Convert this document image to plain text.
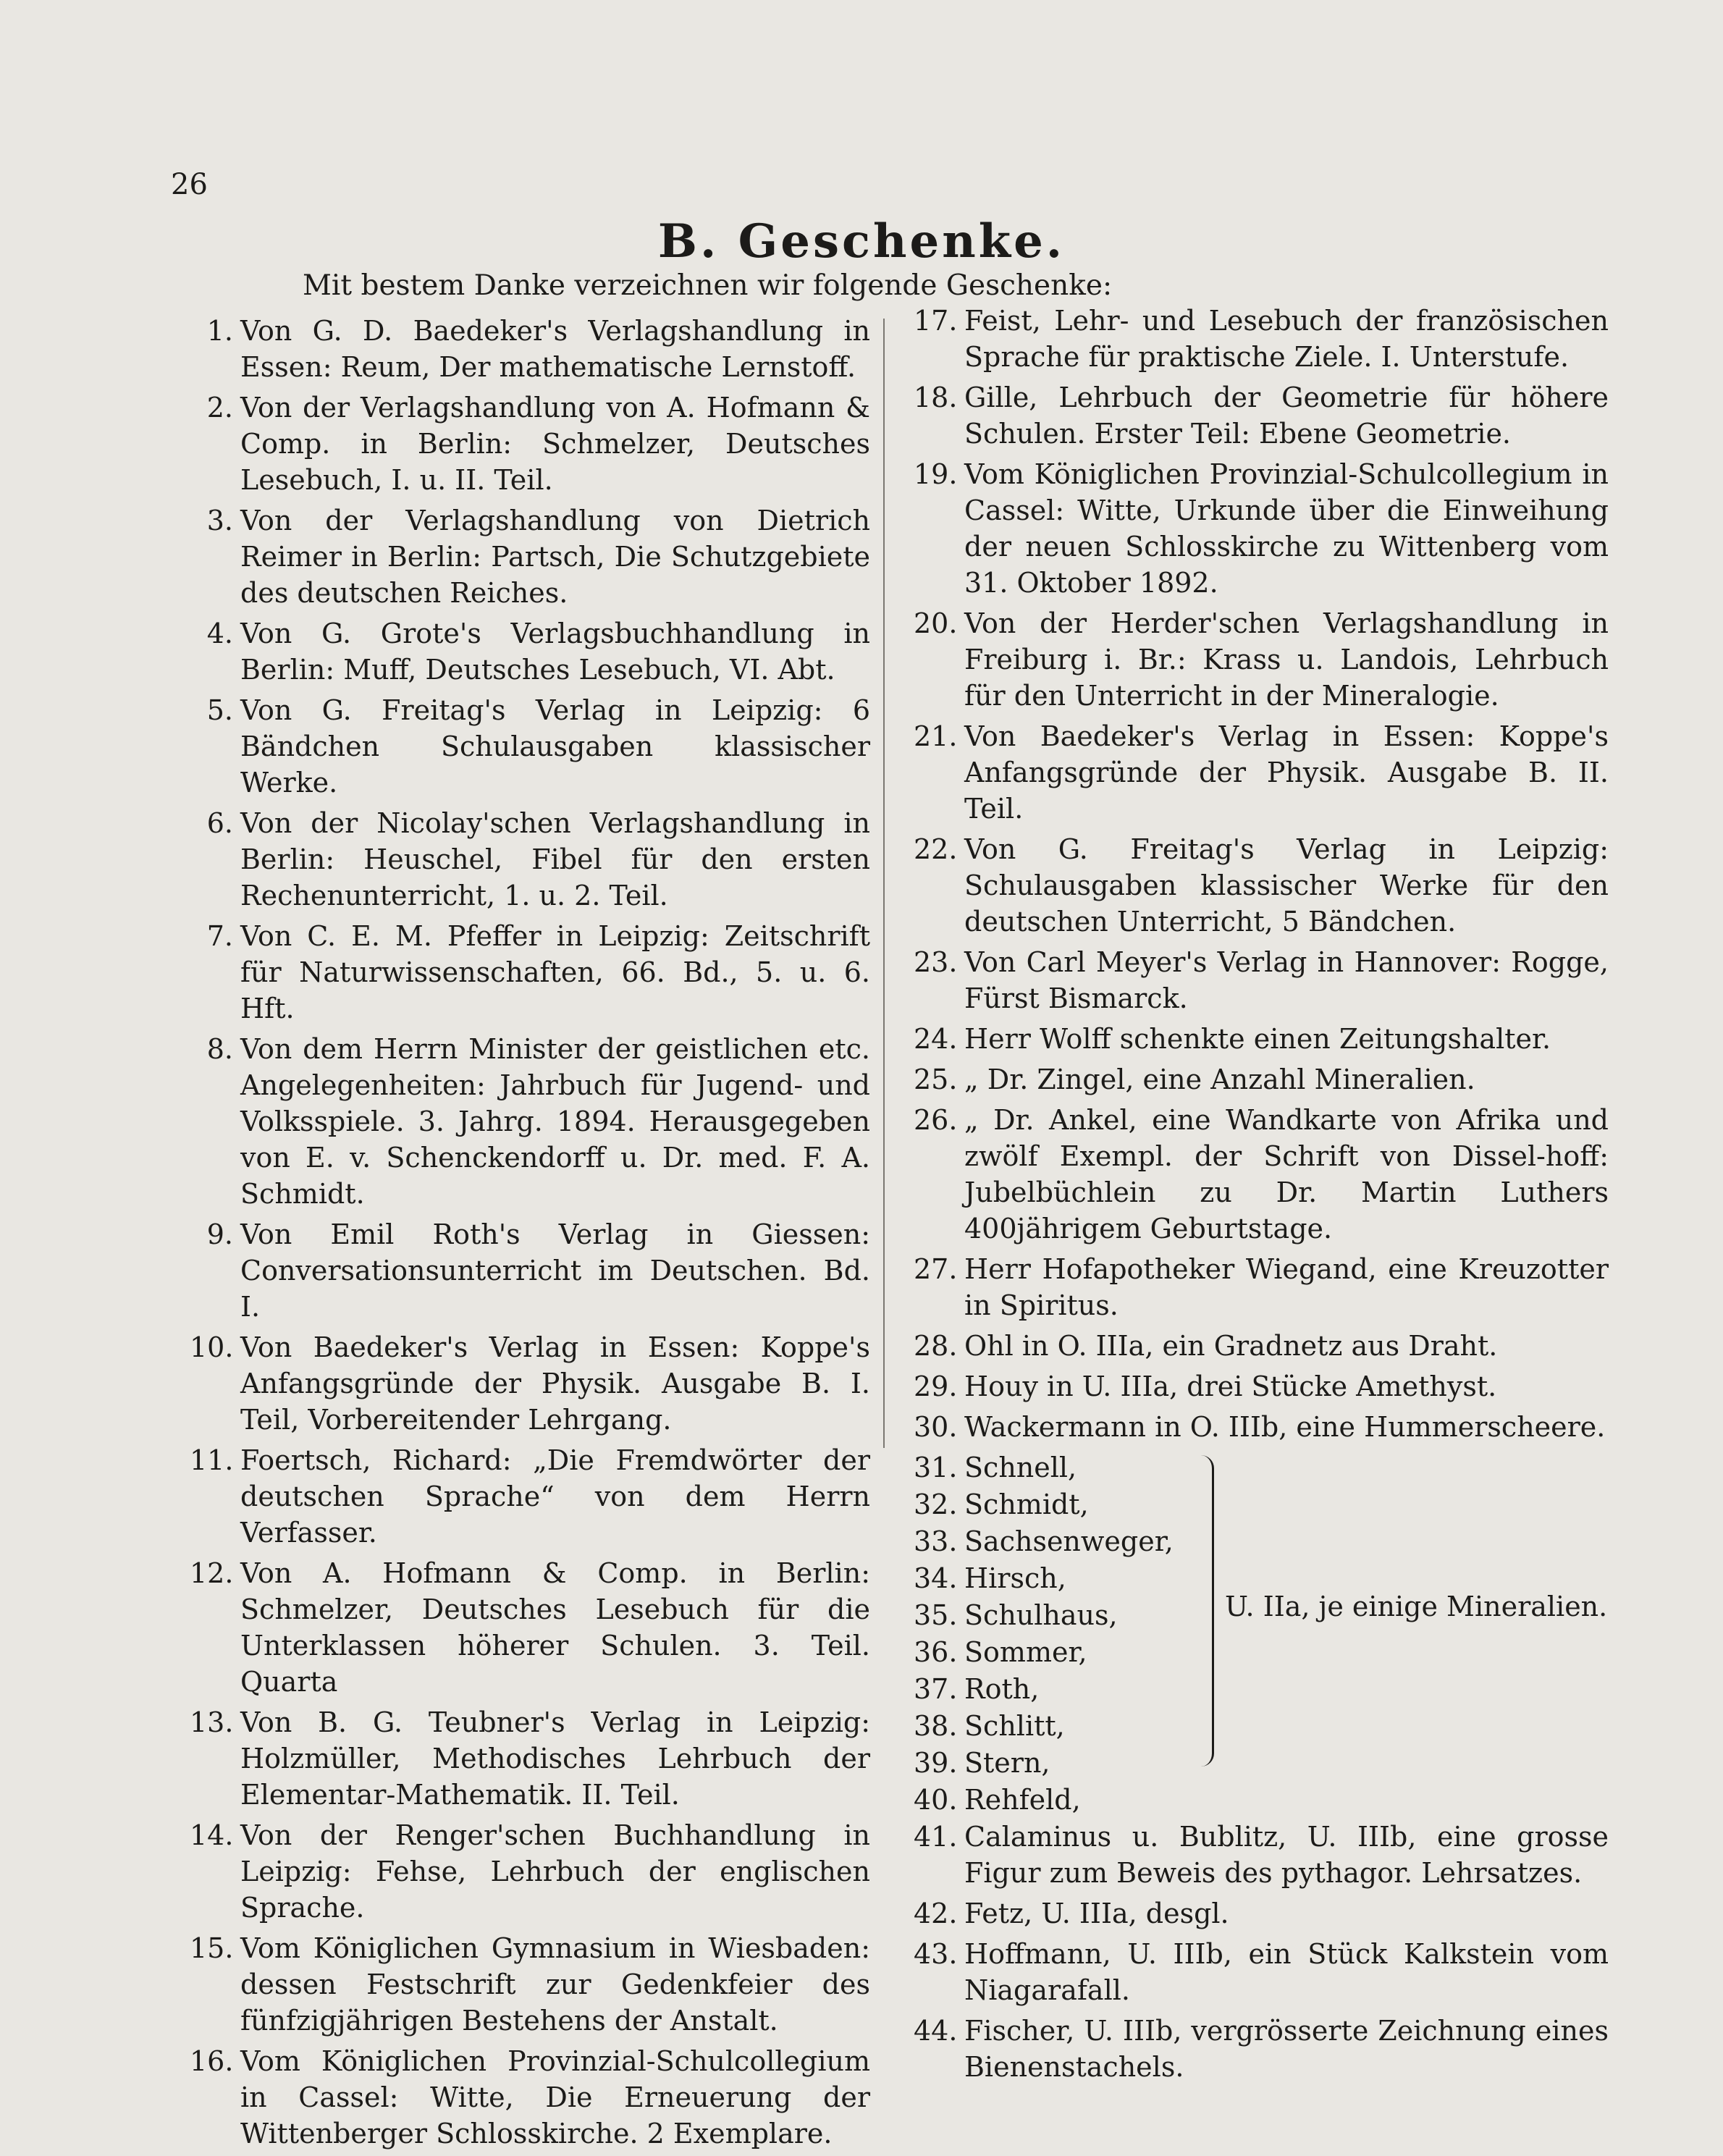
26
B. Geschenke.
Mit bestem Danke verzeichnen wir folgende Geschenke:
1. Von G. D. Baedeker's Verlagshandlung in Essen: Reum, Der mathematische Lernstoff.
2. Von der Verlagshandlung von A. Hofmann & Comp. in Berlin: Schmelzer, Deutsches Lesebuch, I. u. II. Teil.
3. Von der Verlagshandlung von Dietrich Reimer in Berlin: Partsch, Die Schutzgebiete des deutschen Reiches.
4. Von G. Grote's Verlagsbuchhandlung in Berlin: Muff, Deutsches Lesebuch, VI. Abt.
5. Von G. Freitag's Verlag in Leipzig: 6 Bändchen Schulausgaben klassischer Werke.
6. Von der Nicolay'schen Verlagshandlung in Berlin: Heuschel, Fibel für den ersten Rechenunterricht, 1. u. 2. Teil.
7. Von C. E. M. Pfeffer in Leipzig: Zeitschrift für Naturwissenschaften, 66. Bd., 5. u. 6. Hft.
8. Von dem Herrn Minister der geistlichen etc. Angelegenheiten: Jahrbuch für Jugend- und Volksspiele. 3. Jahrg. 1894. Herausgegeben von E. v. Schenckendorff u. Dr. med. F. A. Schmidt.
9. Von Emil Roth's Verlag in Giessen: Conversationsunterricht im Deutschen. Bd. I.
10. Von Baedeker's Verlag in Essen: Koppe's Anfangsgründe der Physik. Ausgabe B. I. Teil, Vorbereitender Lehrgang.
11. Foertsch, Richard: „Die Fremdwörter der deutschen Sprache“ von dem Herrn Verfasser.
12. Von A. Hofmann & Comp. in Berlin: Schmelzer, Deutsches Lesebuch für die Unterklassen höherer Schulen. 3. Teil. Quarta
13. Von B. G. Teubner's Verlag in Leipzig: Holzmüller, Methodisches Lehrbuch der Elementar-Mathematik. II. Teil.
14. Von der Renger'schen Buchhandlung in Leipzig: Fehse, Lehrbuch der englischen Sprache.
15. Vom Königlichen Gymnasium in Wiesbaden: dessen Festschrift zur Gedenkfeier des fünfzigjährigen Bestehens der Anstalt.
16. Vom Königlichen Provinzial-Schulcollegium in Cassel: Witte, Die Erneuerung der Wittenberger Schlosskirche. 2 Exemplare.
17. Feist, Lehr- und Lesebuch der französischen Sprache für praktische Ziele. I. Unterstufe.
18. Gille, Lehrbuch der Geometrie für höhere Schulen. Erster Teil: Ebene Geometrie.
19. Vom Königlichen Provinzial-Schulcollegium in Cassel: Witte, Urkunde über die Einweihung der neuen Schlosskirche zu Wittenberg vom 31. Oktober 1892.
20. Von der Herder'schen Verlagshandlung in Freiburg i. Br.: Krass u. Landois, Lehrbuch für den Unterricht in der Mineralogie.
21. Von Baedeker's Verlag in Essen: Koppe's Anfangsgründe der Physik. Ausgabe B. II. Teil.
22. Von G. Freitag's Verlag in Leipzig: Schulausgaben klassischer Werke für den deutschen Unterricht, 5 Bändchen.
23. Von Carl Meyer's Verlag in Hannover: Rogge, Fürst Bismarck.
24. Herr Wolff schenkte einen Zeitungshalter.
25. „ Dr. Zingel, eine Anzahl Mineralien.
26. „ Dr. Ankel, eine Wandkarte von Afrika und zwölf Exempl. der Schrift von Dissel-hoff: Jubelbüchlein zu Dr. Martin Luthers 400jährigem Geburtstage.
27. Herr Hofapotheker Wiegand, eine Kreuzotter in Spiritus.
28. Ohl in O. IIIa, ein Gradnetz aus Draht.
29. Houy in U. IIIa, drei Stücke Amethyst.
30. Wackermann in O. IIIb, eine Hummerscheere.
31. Schnell,
32. Schmidt,
33. Sachsenweger,
34. Hirsch,
35. Schulhaus,
36. Sommer,
37. Roth,
38. Schlitt,
39. Stern,
40. Rehfeld,
U. IIa, je einige Mineralien.
41. Calaminus u. Bublitz, U. IIIb, eine grosse Figur zum Beweis des pythagor. Lehrsatzes.
42. Fetz, U. IIIa, desgl.
43. Hoffmann, U. IIIb, ein Stück Kalkstein vom Niagarafall.
44. Fischer, U. IIIb, vergrösserte Zeichnung eines Bienenstachels.
